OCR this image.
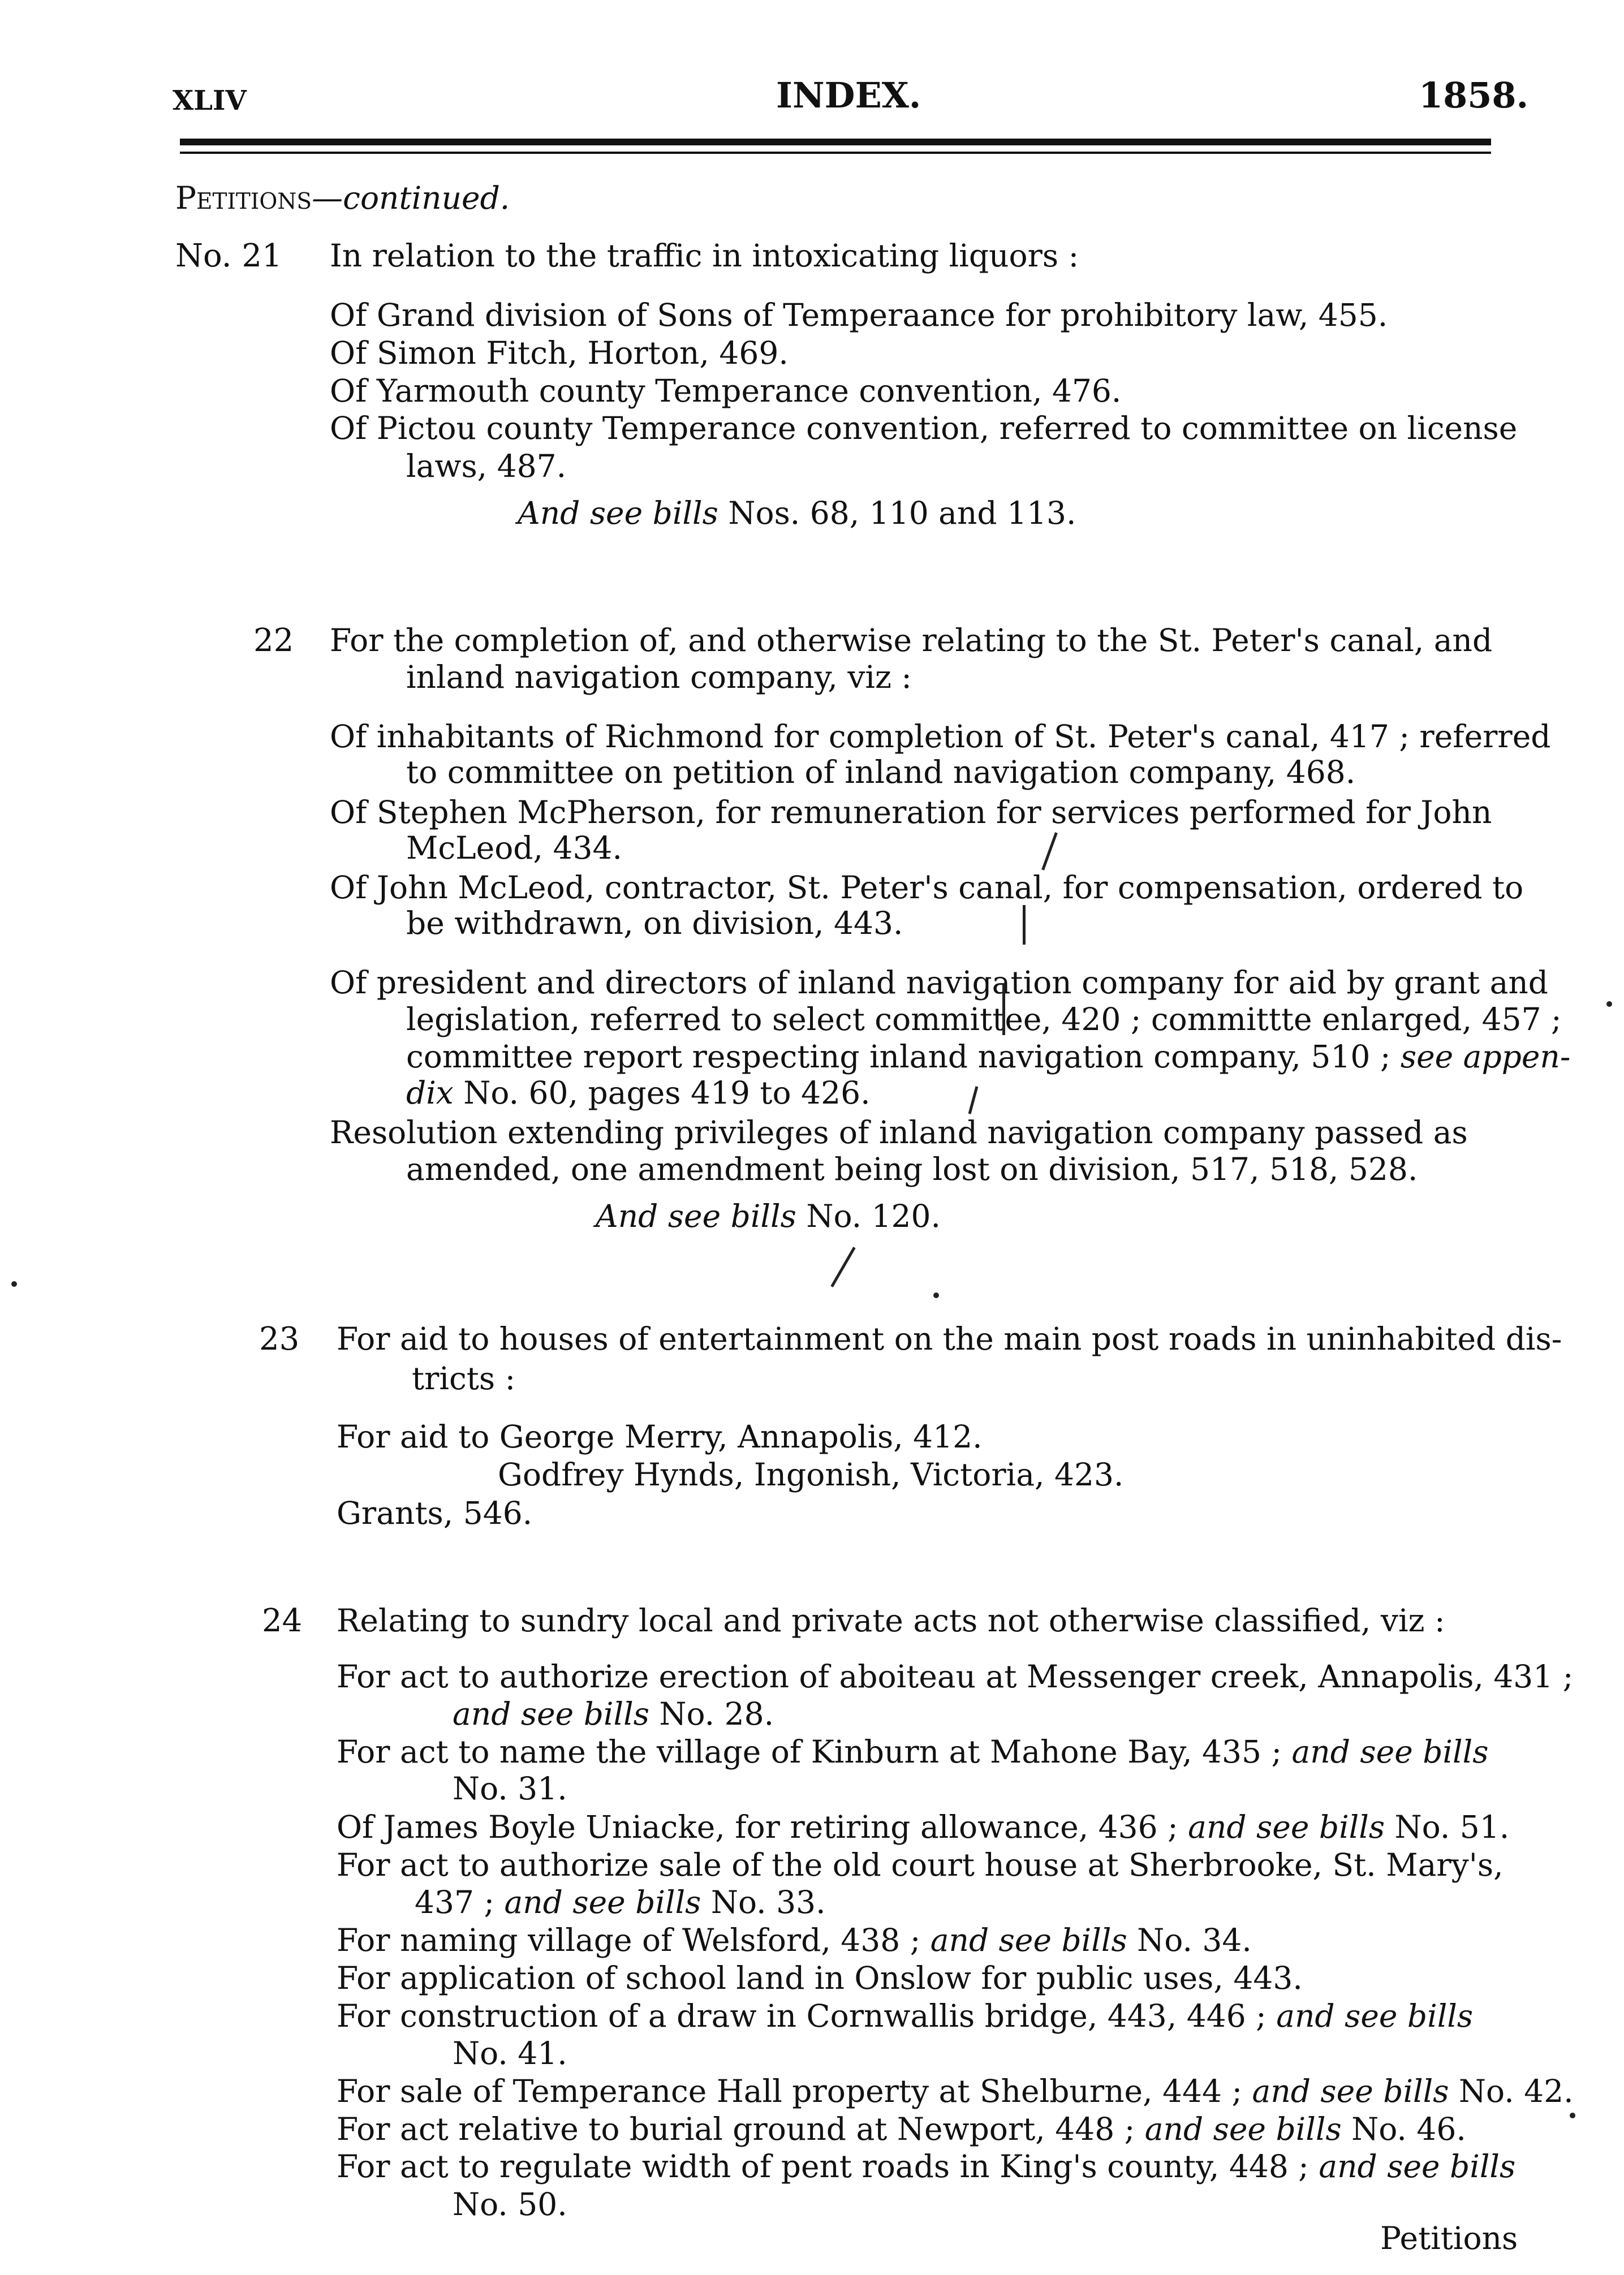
XLIV	INDEX.	1858.
Petitions—continued.
No. 21 In relation to the traffic in intoxicating liquors :
Of Grand division of Sons of Temperaance for prohibitory law, 455.
Of Simon Fitch, Horton, 469.
Of Yarmouth county Temperance convention, 476.
Of Pictou county Temperance convention, referred to committee on license
laws, 487.
And see bills Nos. 68, 110 and 113.
22 For the completion of, and otherwise relating to the St. Peter's canal, and
inland navigation company, viz :
Of inhabitants of Richmond for completion of St. Peter's canal, 417 ; referred
to committee on petition of inland navigation company, 468.
Of Stephen McPherson, for remuneration for services performed for John
McLeod, 434.
Of John McLeod, contractor, St. Peter's canal, for compensation, ordered to
be withdrawn, on division, 443.
Of president and directors of inland navigation company for aid by grant and
legislation, referred to select committee, 420 ; committte enlarged, 457 ;
committee report respecting inland navigation company, 510 ; see appen-
dix No. 60, pages 419 to 426.
Resolution extending privileges of inland navigation company passed as
amended, one amendment being lost on division, 517, 518, 528.
And see bills No. 120.
23 For aid to houses of entertainment on the main post roads in uninhabited dis-
tricts :
For aid to George Merry, Annapolis, 412.
Godfrey Hynds, Ingonish, Victoria, 423.
Grants, 546.
24 Relating to sundry local and private acts not otherwise classified, viz :
For act to authorize erection of aboiteau at Messenger creek, Annapolis, 431 ;
and see bills No. 28.
For act to name the village of Kinburn at Mahone Bay, 435 ; and see bills
No. 31.
Of James Boyle Uniacke, for retiring allowance, 436 ; and see bills No. 51.
For act to authorize sale of the old court house at Sherbrooke, St. Mary's,
437 ; and see bills No. 33.
For naming village of Welsford, 438 ; and see bills No. 34.
For application of school land in Onslow for public uses, 443.
For construction of a draw in Cornwallis bridge, 443, 446 ; and see bills
No. 41.
For sale of Temperance Hall property at Shelburne, 444 ; and see bills No. 42.
For act relative to burial ground at Newport, 448 ; and see bills No. 46.
For act to regulate width of pent roads in King's county, 448 ; and see bills
No. 50.
Petitions
